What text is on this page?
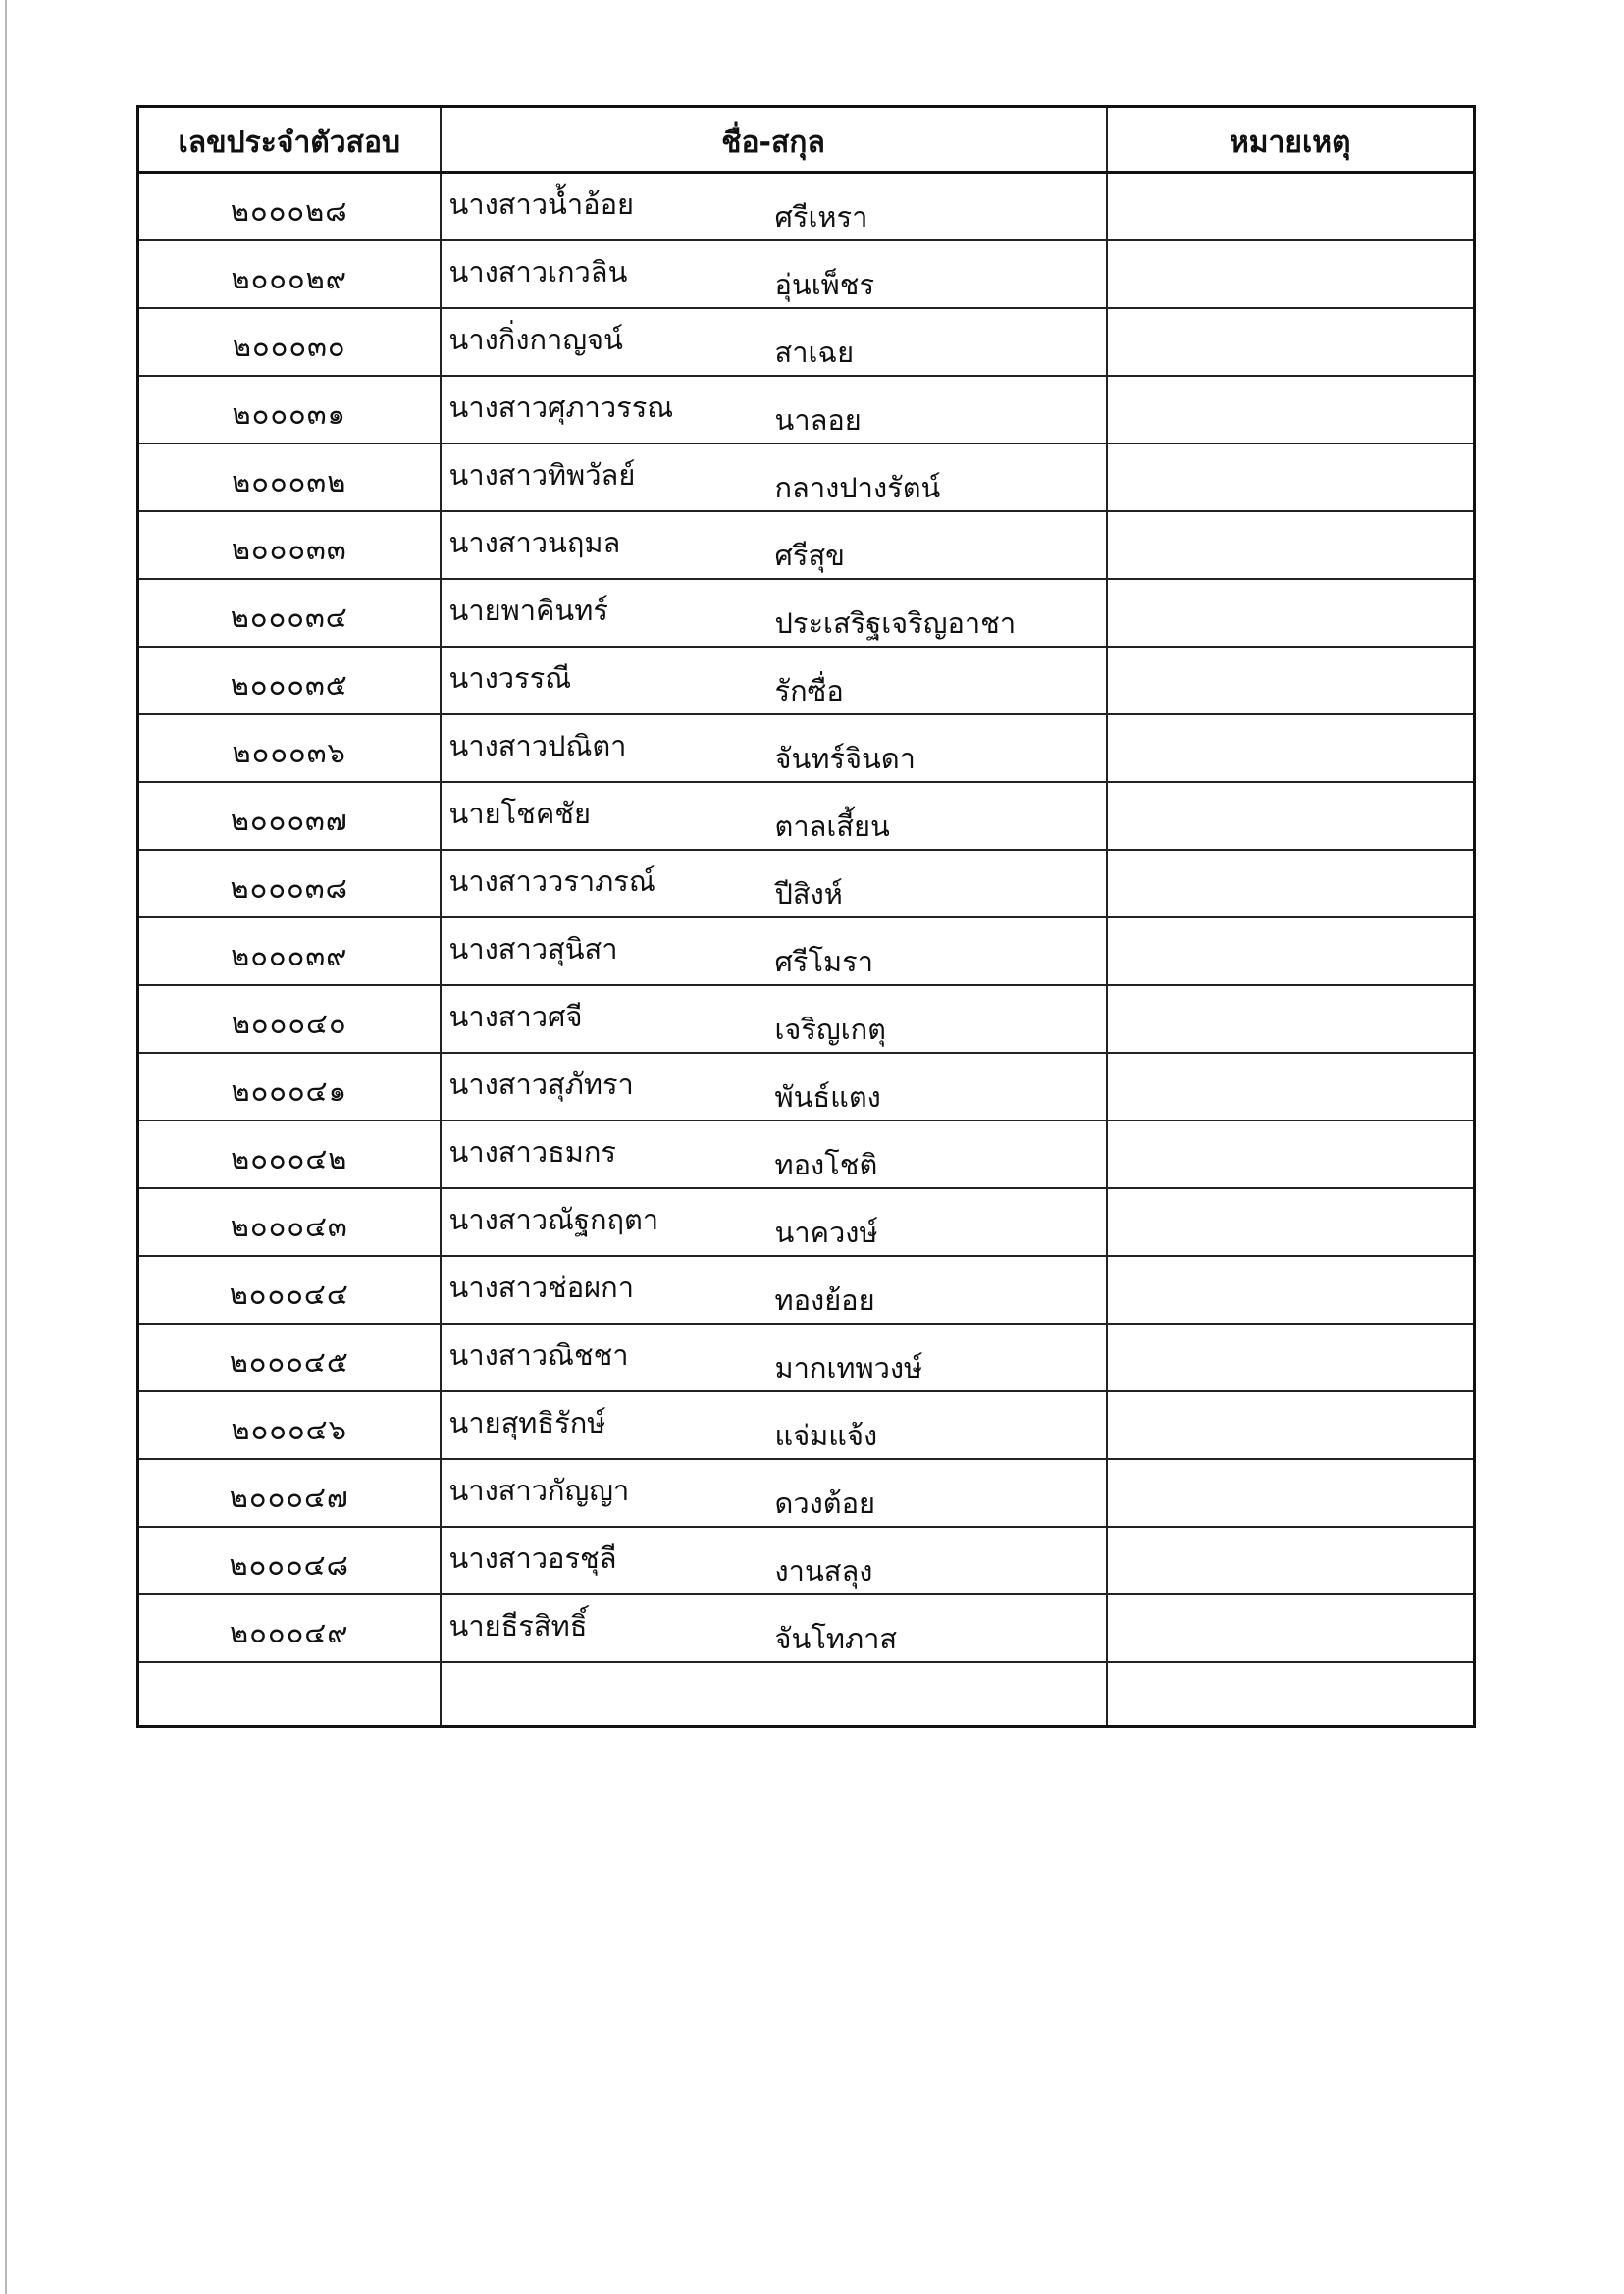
เลขประจำตัวสอบ	ชื่อ-สกุล	หมายเหตุ
๒๐๐๐๒๘	นางสาวน้ำอ้อย ศรีเหรา	
๒๐๐๐๒๙	นางสาวเกวลิน อุ่นเพ็ชร	
๒๐๐๐๓๐	นางกิ่งกาญจน์ สาเฉย	
๒๐๐๐๓๑	นางสาวศุภาวรรณ นาลอย	
๒๐๐๐๓๒	นางสาวทิพวัลย์ กลางปางรัตน์	
๒๐๐๐๓๓	นางสาวนฤมล ศรีสุข	
๒๐๐๐๓๔	นายพาคินทร์ ประเสริฐเจริญอาชา	
๒๐๐๐๓๕	นางวรรณี รักซื่อ	
๒๐๐๐๓๖	นางสาวปณิตา จันทร์จินดา	
๒๐๐๐๓๗	นายโชคชัย ตาลเสี้ยน	
๒๐๐๐๓๘	นางสาววราภรณ์ ปีสิงห์	
๒๐๐๐๓๙	นางสาวสุนิสา ศรีโมรา	
๒๐๐๐๔๐	นางสาวศจี เจริญเกตุ	
๒๐๐๐๔๑	นางสาวสุภัทรา พันธ์แตง	
๒๐๐๐๔๒	นางสาวธมกร ทองโชติ	
๒๐๐๐๔๓	นางสาวณัฐกฤตา นาควงษ์	
๒๐๐๐๔๔	นางสาวช่อผกา ทองย้อย	
๒๐๐๐๔๕	นางสาวณิชชา มากเทพวงษ์	
๒๐๐๐๔๖	นายสุทธิรักษ์ แจ่มแจ้ง	
๒๐๐๐๔๗	นางสาวกัญญา ดวงต้อย	
๒๐๐๐๔๘	นางสาวอรชุลี งานสลุง	
๒๐๐๐๔๙	นายธีรสิทธิ์ จันโทภาส	
